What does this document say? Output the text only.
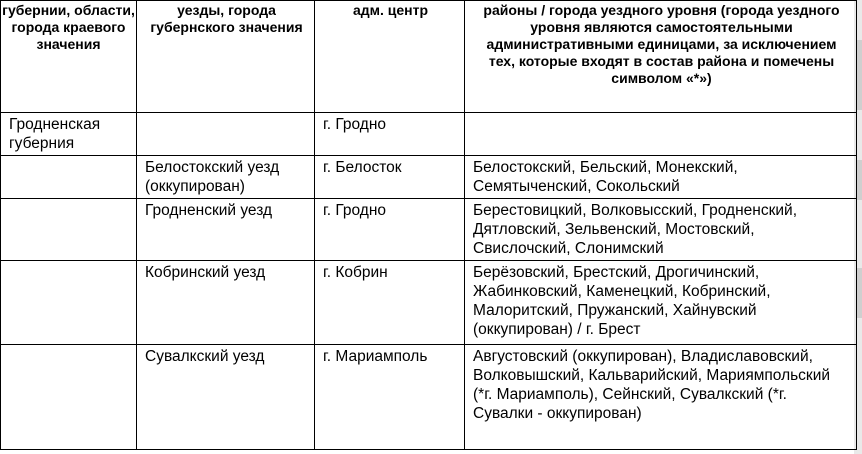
губернии, области, города краевого значения	уезды, города губернского значения	адм. центр	районы / города уездного уровня (города уездного уровня являются самостоятельными административными единицами, за исключением тех, которые входят в состав района и помечены символом «*»)
Гродненская губерния		г. Гродно	
	Белостокский уезд (оккупирован)	г. Белосток	Белостокский, Бельский, Монекский, Семятыченский, Сокольский
	Гродненский уезд	г. Гродно	Берестовицкий, Волковысский, Гродненский, Дятловский, Зельвенский, Мостовский, Свислочский, Слонимский
	Кобринский уезд	г. Кобрин	Берёзовский, Брестский, Дрогичинский, Жабинковский, Каменецкий, Кобринский, Малоритский, Пружанский, Хайнувский (оккупирован) / г. Брест
	Сувалкский уезд	г. Мариамполь	Августовский (оккупирован), Владиславовский, Волковышский, Кальварийский, Мариямпольский (*г. Мариамполь), Сейнский, Сувалкский (*г. Сувалки - оккупирован)
